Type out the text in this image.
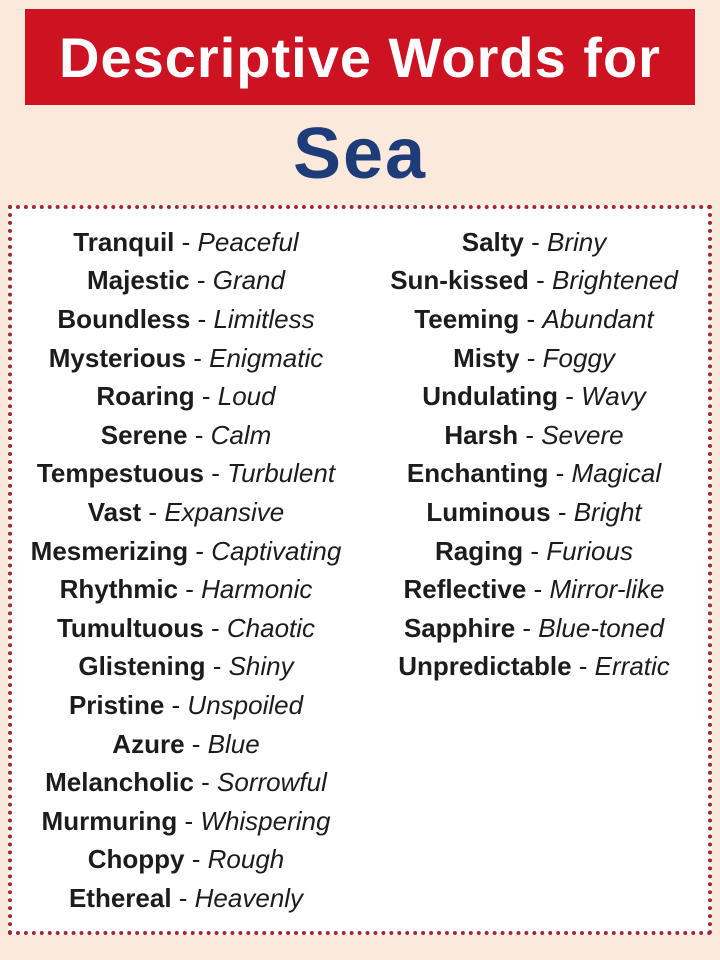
Descriptive Words for
Sea
Tranquil - Peaceful
Majestic - Grand
Boundless - Limitless
Mysterious - Enigmatic
Roaring - Loud
Serene - Calm
Tempestuous - Turbulent
Vast - Expansive
Mesmerizing - Captivating
Rhythmic - Harmonic
Tumultuous - Chaotic
Glistening - Shiny
Pristine - Unspoiled
Azure - Blue
Melancholic - Sorrowful
Murmuring - Whispering
Choppy - Rough
Ethereal - Heavenly
Salty - Briny
Sun-kissed - Brightened
Teeming - Abundant
Misty - Foggy
Undulating - Wavy
Harsh - Severe
Enchanting - Magical
Luminous - Bright
Raging - Furious
Reflective - Mirror-like
Sapphire - Blue-toned
Unpredictable - Erratic
